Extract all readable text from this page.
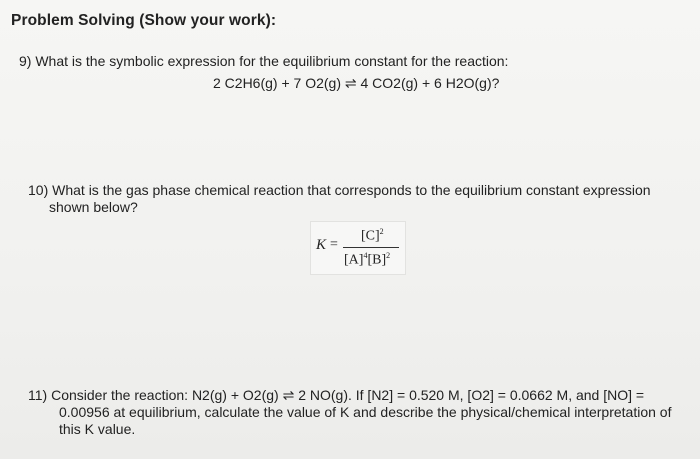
Problem Solving (Show your work):
9) What is the symbolic expression for the equilibrium constant for the reaction:
2 C2H6(g) + 7 O2(g) ⇌ 4 CO2(g) + 6 H2O(g)?
10) What is the gas phase chemical reaction that corresponds to the equilibrium constant expression
shown below?
K =
$[C]^2$
$[A]^4[B]^2$
11) Consider the reaction: N2(g) + O2(g) ⇌ 2 NO(g). If [N2] = 0.520 M, [O2] = 0.0662 M, and [NO] =
0.00956 at equilibrium, calculate the value of K and describe the physical/chemical interpretation of
this K value.
